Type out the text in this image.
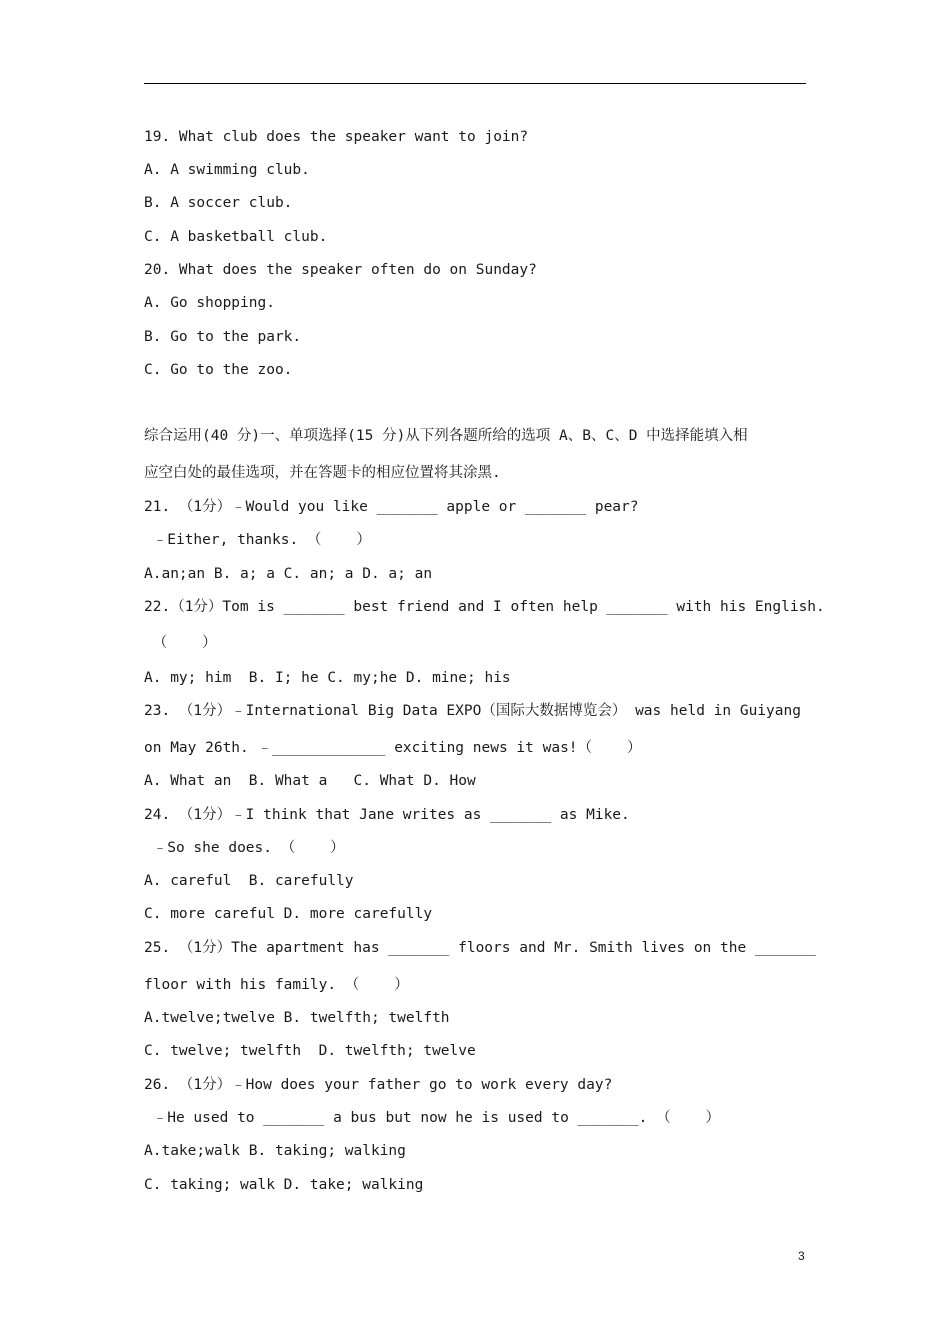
19. What club does the speaker want to join?
A. A swimming club.
B. A soccer club.
C. A basketball club.
20. What does the speaker often do on Sunday?
A. Go shopping.
B. Go to the park.
C. Go to the zoo.
综合运用(40 分)一、单项选择(15 分)从下列各题所给的选项 A、B、C、D 中选择能填入相
应空白处的最佳选项，并在答题卡的相应位置将其涂黑.
21. （1分）﹣Would you like _______ apple or _______ pear?
﹣Either, thanks. （    ）
A.an;an B. a; a C. an; a D. a; an
22.（1分）Tom is _______ best friend and I often help _______ with his English.
（    ）
A. my; him  B. I; he C. my;he D. mine; his
23. （1分）﹣International Big Data EXPO（国际大数据博览会） was held in Guiyang
on May 26th. ﹣_____________ exciting news it was!（    ）
A. What an  B. What a   C. What D. How
24. （1分）﹣I think that Jane writes as _______ as Mike.
﹣So she does. （    ）
A. careful  B. carefully
C. more careful D. more carefully
25. （1分）The apartment has _______ floors and Mr. Smith lives on the _______
floor with his family. （    ）
A.twelve;twelve B. twelfth; twelfth
C. twelve; twelfth  D. twelfth; twelve
26. （1分）﹣How does your father go to work every day?
﹣He used to _______ a bus but now he is used to _______. （    ）
A.take;walk B. taking; walking
C. taking; walk D. take; walking
3
